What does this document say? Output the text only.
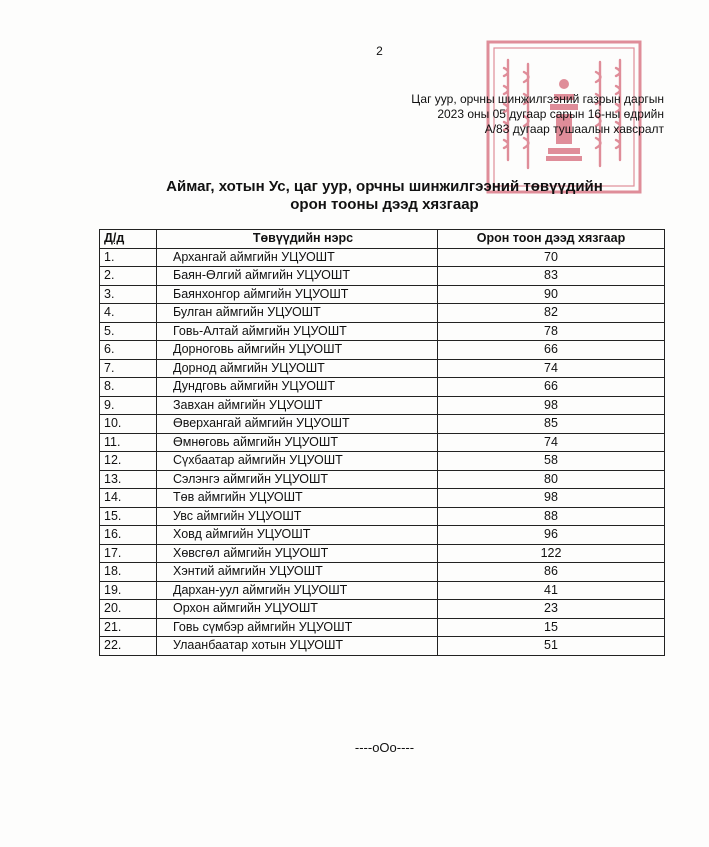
2
Цаг уур, орчны шинжилгээний газрын даргын
2023 оны 05 дугаар сарын 16-ны өдрийн
А/83 дугаар тушаалын хавсралт
Аймаг, хотын Ус, цаг уур, орчны шинжилгээний төвүүдийн
орон тооны дээд хязгаар
Д/д	Төвүүдийн нэрс	Орон тоон дээд хязгаар
1.	Архангай аймгийн УЦУОШТ	70
2.	Баян-Өлгий аймгийн УЦУОШТ	83
3.	Баянхонгор аймгийн УЦУОШТ	90
4.	Булган аймгийн УЦУОШТ	82
5.	Говь-Алтай аймгийн УЦУОШТ	78
6.	Дорноговь аймгийн УЦУОШТ	66
7.	Дорнод аймгийн УЦУОШТ	74
8.	Дундговь аймгийн УЦУОШТ	66
9.	Завхан аймгийн УЦУОШТ	98
10.	Өверхангай аймгийн УЦУОШТ	85
11.	Өмнөговь аймгийн УЦУОШТ	74
12.	Сүхбаатар аймгийн УЦУОШТ	58
13.	Сэлэнгэ аймгийн УЦУОШТ	80
14.	Төв аймгийн УЦУОШТ	98
15.	Увс аймгийн УЦУОШТ	88
16.	Ховд аймгийн УЦУОШТ	96
17.	Хөвсгөл аймгийн УЦУОШТ	122
18.	Хэнтий аймгийн УЦУОШТ	86
19.	Дархан-уул аймгийн УЦУОШТ	41
20.	Орхон аймгийн УЦУОШТ	23
21.	Говь сүмбэр аймгийн УЦУОШТ	15
22.	Улаанбаатар хотын УЦУОШТ	51
----оОо----
